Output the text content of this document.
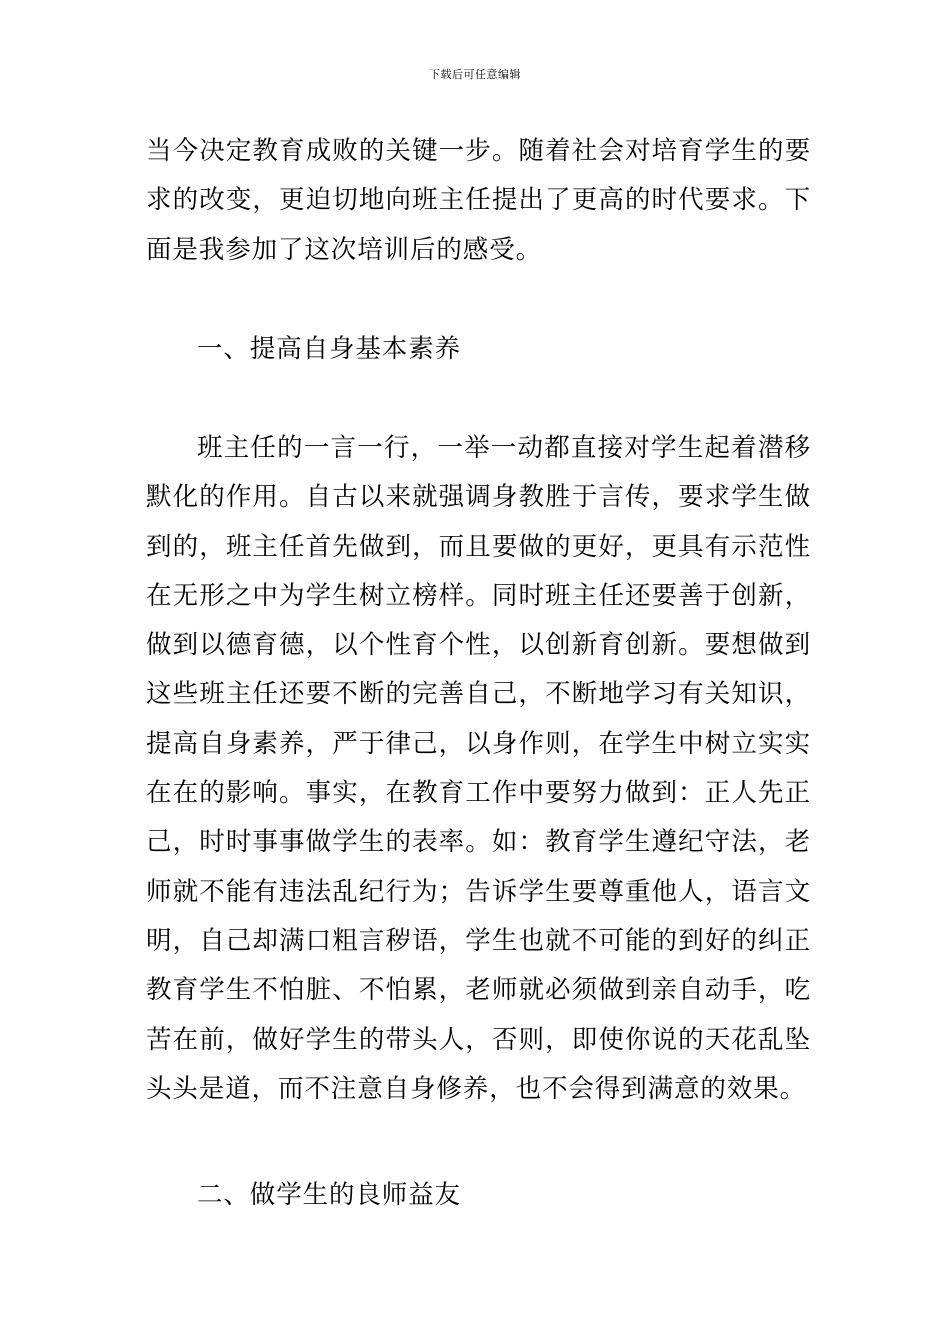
下载后可任意编辑

当今决定教育成败的关键一步。随着社会对培育学生的要求的改变，更迫切地向班主任提出了更高的时代要求。下面是我参加了这次培训后的感受。

一、提高自身基本素养

班主任的一言一行，一举一动都直接对学生起着潜移默化的作用。自古以来就强调身教胜于言传，要求学生做到的，班主任首先做到，而且要做的更好，更具有示范性在无形之中为学生树立榜样。同时班主任还要善于创新，做到以德育德，以个性育个性，以创新育创新。要想做到这些班主任还要不断的完善自己，不断地学习有关知识，提高自身素养，严于律己，以身作则，在学生中树立实实在在的影响。事实，在教育工作中要努力做到：正人先正己，时时事事做学生的表率。如：教育学生遵纪守法，老师就不能有违法乱纪行为；告诉学生要尊重他人，语言文明，自己却满口粗言秽语，学生也就不可能的到好的纠正教育学生不怕脏、不怕累，老师就必须做到亲自动手，吃苦在前，做好学生的带头人，否则，即使你说的天花乱坠头头是道，而不注意自身修养，也不会得到满意的效果。

二、做学生的良师益友
